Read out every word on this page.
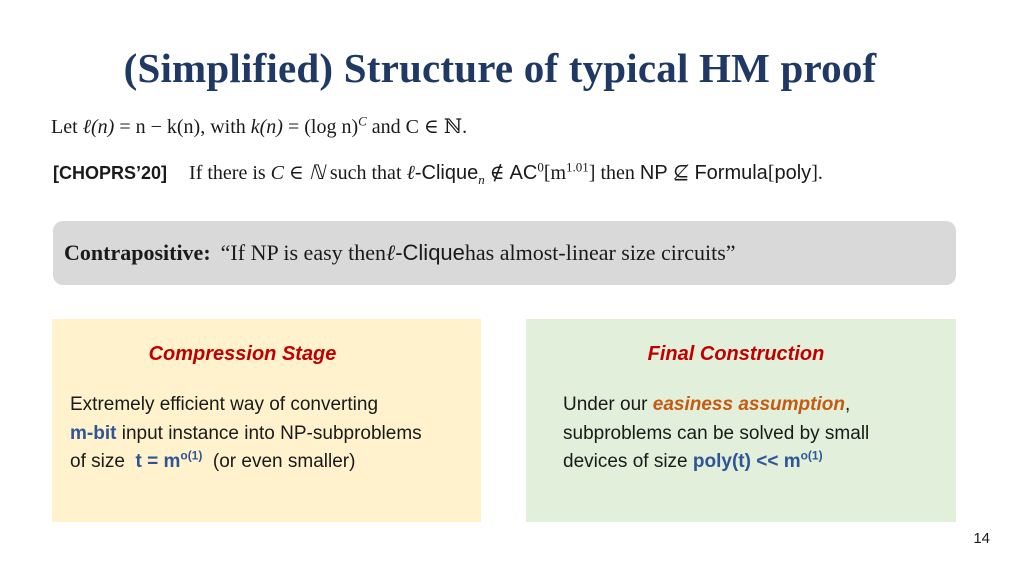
(Simplified) Structure of typical HM proof
Let ℓ(n) = n − k(n), with k(n) = (log n)$^C$ and C ∈ ℕ.
[CHOPRS’20] If there is C ∈ ℕ such that ℓ-Clique$_n$ ∉ $AC^0[m^{1.01}]$ then NP ⊈ Formula[poly].
Contrapositive: “If NP is easy then ℓ -Clique has almost-linear size circuits”
Compression Stage
Extremely efficient way of converting
m-bit input instance into NP-subproblems
of size  $t = m^{o(1)}$  (or even smaller)
Final Construction
Under our easiness assumption,
subproblems can be solved by small
devices of size poly(t) << $m^{o(1)}$
14
